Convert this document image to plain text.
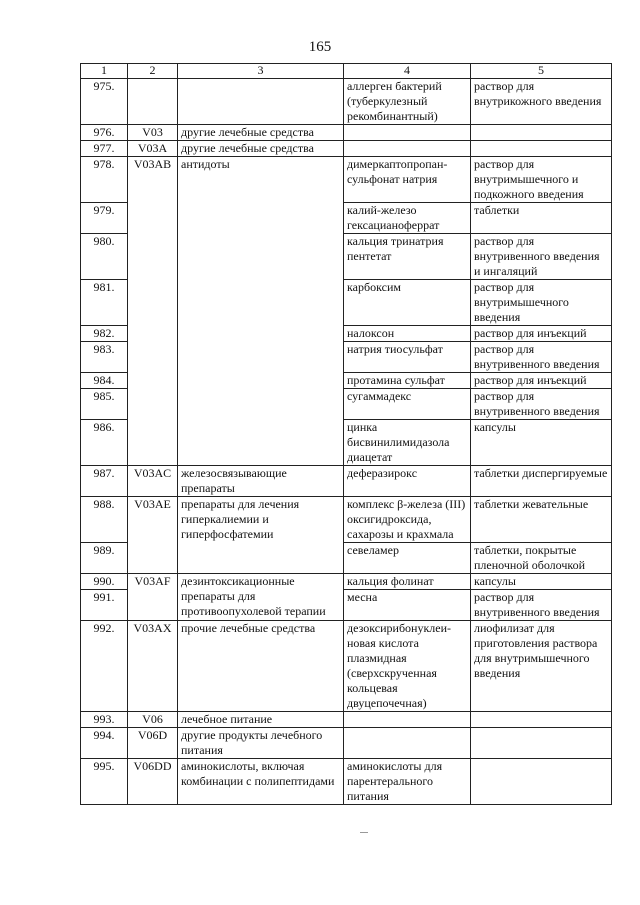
165
1	2	3	4	5
975.			аллерген бактерий (туберкулезный рекомбинантный)	раствор для внутрикожного введения
976.	V03	другие лечебные средства		
977.	V03A	другие лечебные средства		
978.	V03AB	антидоты	димеркаптопропан-сульфонат натрия	раствор для внутримышечного и подкожного введения
979.			калий-железо гексацианоферрат	таблетки
980.			кальция тринатрия пентетат	раствор для внутривенного введения и ингаляций
981.			карбоксим	раствор для внутримышечного введения
982.			налоксон	раствор для инъекций
983.			натрия тиосульфат	раствор для внутривенного введения
984.			протамина сульфат	раствор для инъекций
985.			сугаммадекс	раствор для внутривенного введения
986.			цинка бисвинилимидазола диацетат	капсулы
987.	V03AC	железосвязывающие препараты	деферазирокс	таблетки диспергируемые
988.	V03AE	препараты для лечения гиперкалиемии и гиперфосфатемии	комплекс β-железа (III) оксигидроксида, сахарозы и крахмала	таблетки жевательные
989.			севеламер	таблетки, покрытые пленочной оболочкой
990.	V03AF	дезинтоксикационные препараты для противоопухолевой терапии	кальция фолинат	капсулы
991.			месна	раствор для внутривенного введения
992.	V03AX	прочие лечебные средства	дезоксирибонуклеи-новая кислота плазмидная (сверхскрученная кольцевая двуцепочечная)	лиофилизат для приготовления раствора для внутримышечного введения
993.	V06	лечебное питание		
994.	V06D	другие продукты лечебного питания		
995.	V06DD	аминокислоты, включая комбинации с полипептидами	аминокислоты для парентерального питания	
